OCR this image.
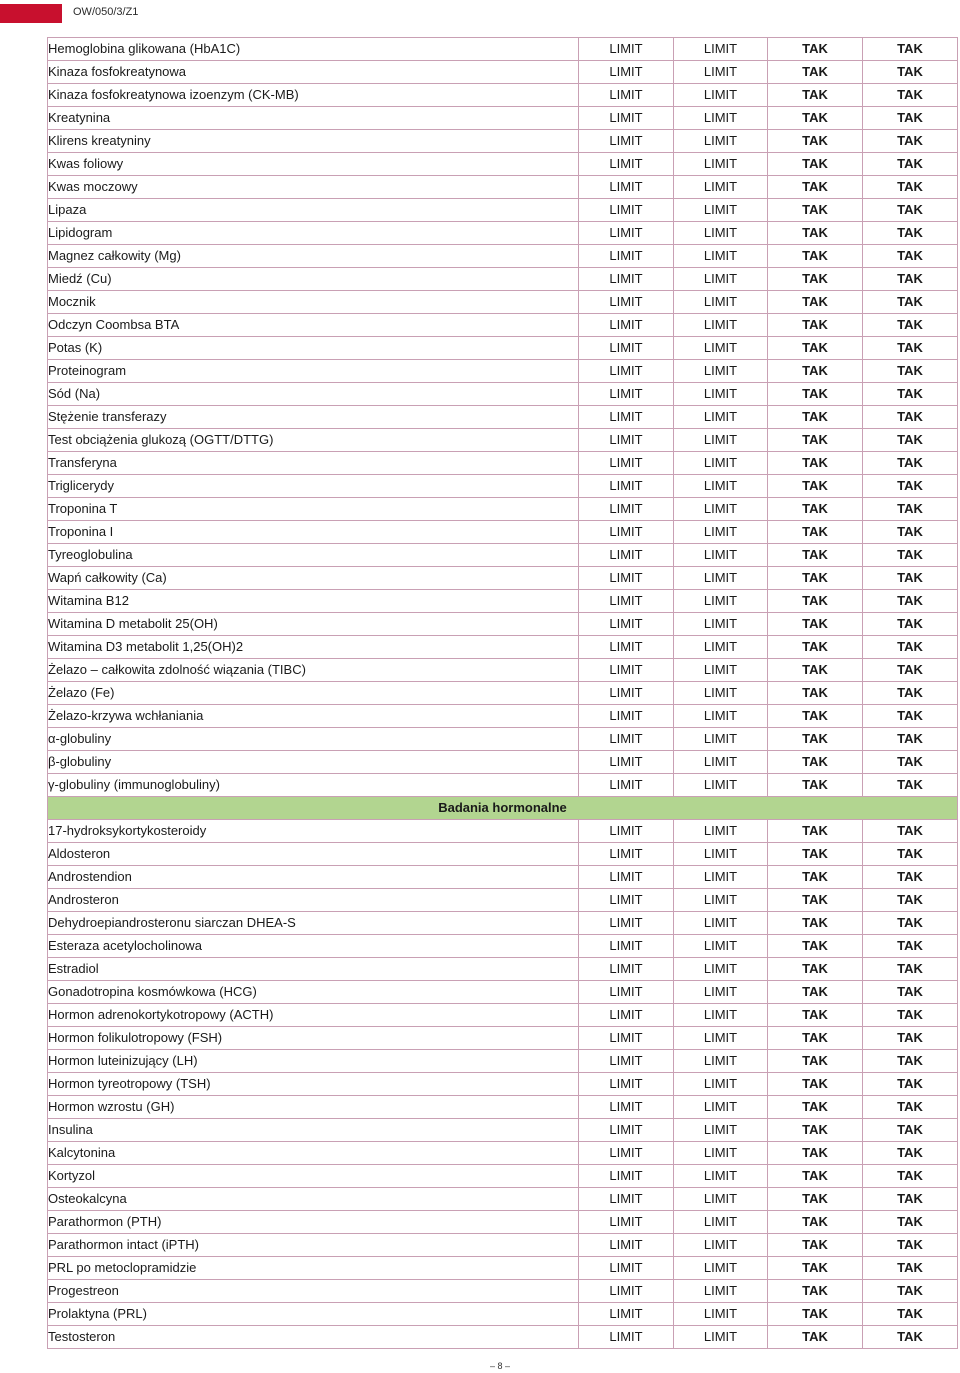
OW/050/3/Z1
Hemoglobina glikowana (HbA1C)	LIMIT	LIMIT	TAK	TAK
Kinaza fosfokreatynowa	LIMIT	LIMIT	TAK	TAK
Kinaza fosfokreatynowa izoenzym (CK-MB)	LIMIT	LIMIT	TAK	TAK
Kreatynina	LIMIT	LIMIT	TAK	TAK
Klirens kreatyniny	LIMIT	LIMIT	TAK	TAK
Kwas foliowy	LIMIT	LIMIT	TAK	TAK
Kwas moczowy	LIMIT	LIMIT	TAK	TAK
Lipaza	LIMIT	LIMIT	TAK	TAK
Lipidogram	LIMIT	LIMIT	TAK	TAK
Magnez całkowity (Mg)	LIMIT	LIMIT	TAK	TAK
Miedź (Cu)	LIMIT	LIMIT	TAK	TAK
Mocznik	LIMIT	LIMIT	TAK	TAK
Odczyn Coombsa BTA	LIMIT	LIMIT	TAK	TAK
Potas (K)	LIMIT	LIMIT	TAK	TAK
Proteinogram	LIMIT	LIMIT	TAK	TAK
Sód (Na)	LIMIT	LIMIT	TAK	TAK
Stężenie transferazy	LIMIT	LIMIT	TAK	TAK
Test obciążenia glukozą (OGTT/DTTG)	LIMIT	LIMIT	TAK	TAK
Transferyna	LIMIT	LIMIT	TAK	TAK
Triglicerydy	LIMIT	LIMIT	TAK	TAK
Troponina T	LIMIT	LIMIT	TAK	TAK
Troponina I	LIMIT	LIMIT	TAK	TAK
Tyreoglobulina	LIMIT	LIMIT	TAK	TAK
Wapń całkowity (Ca)	LIMIT	LIMIT	TAK	TAK
Witamina B12	LIMIT	LIMIT	TAK	TAK
Witamina D metabolit 25(OH)	LIMIT	LIMIT	TAK	TAK
Witamina D3 metabolit 1,25(OH)2	LIMIT	LIMIT	TAK	TAK
Żelazo – całkowita zdolność wiązania (TIBC)	LIMIT	LIMIT	TAK	TAK
Żelazo (Fe)	LIMIT	LIMIT	TAK	TAK
Żelazo-krzywa wchłaniania	LIMIT	LIMIT	TAK	TAK
α-globuliny	LIMIT	LIMIT	TAK	TAK
β-globuliny	LIMIT	LIMIT	TAK	TAK
γ-globuliny (immunoglobuliny)	LIMIT	LIMIT	TAK	TAK
Badania hormonalne				
17-hydroksykortykosteroidy	LIMIT	LIMIT	TAK	TAK
Aldosteron	LIMIT	LIMIT	TAK	TAK
Androstendion	LIMIT	LIMIT	TAK	TAK
Androsteron	LIMIT	LIMIT	TAK	TAK
Dehydroepiandrosteronu siarczan DHEA-S	LIMIT	LIMIT	TAK	TAK
Esteraza acetylocholinowa	LIMIT	LIMIT	TAK	TAK
Estradiol	LIMIT	LIMIT	TAK	TAK
Gonadotropina kosmówkowa (HCG)	LIMIT	LIMIT	TAK	TAK
Hormon adrenokortykotropowy (ACTH)	LIMIT	LIMIT	TAK	TAK
Hormon folikulotropowy (FSH)	LIMIT	LIMIT	TAK	TAK
Hormon luteinizujący (LH)	LIMIT	LIMIT	TAK	TAK
Hormon tyreotropowy (TSH)	LIMIT	LIMIT	TAK	TAK
Hormon wzrostu (GH)	LIMIT	LIMIT	TAK	TAK
Insulina	LIMIT	LIMIT	TAK	TAK
Kalcytonina	LIMIT	LIMIT	TAK	TAK
Kortyzol	LIMIT	LIMIT	TAK	TAK
Osteokalcyna	LIMIT	LIMIT	TAK	TAK
Parathormon (PTH)	LIMIT	LIMIT	TAK	TAK
Parathormon intact (iPTH)	LIMIT	LIMIT	TAK	TAK
PRL po metoclopramidzie	LIMIT	LIMIT	TAK	TAK
Progestreon	LIMIT	LIMIT	TAK	TAK
Prolaktyna (PRL)	LIMIT	LIMIT	TAK	TAK
Testosteron	LIMIT	LIMIT	TAK	TAK
– 8 –
